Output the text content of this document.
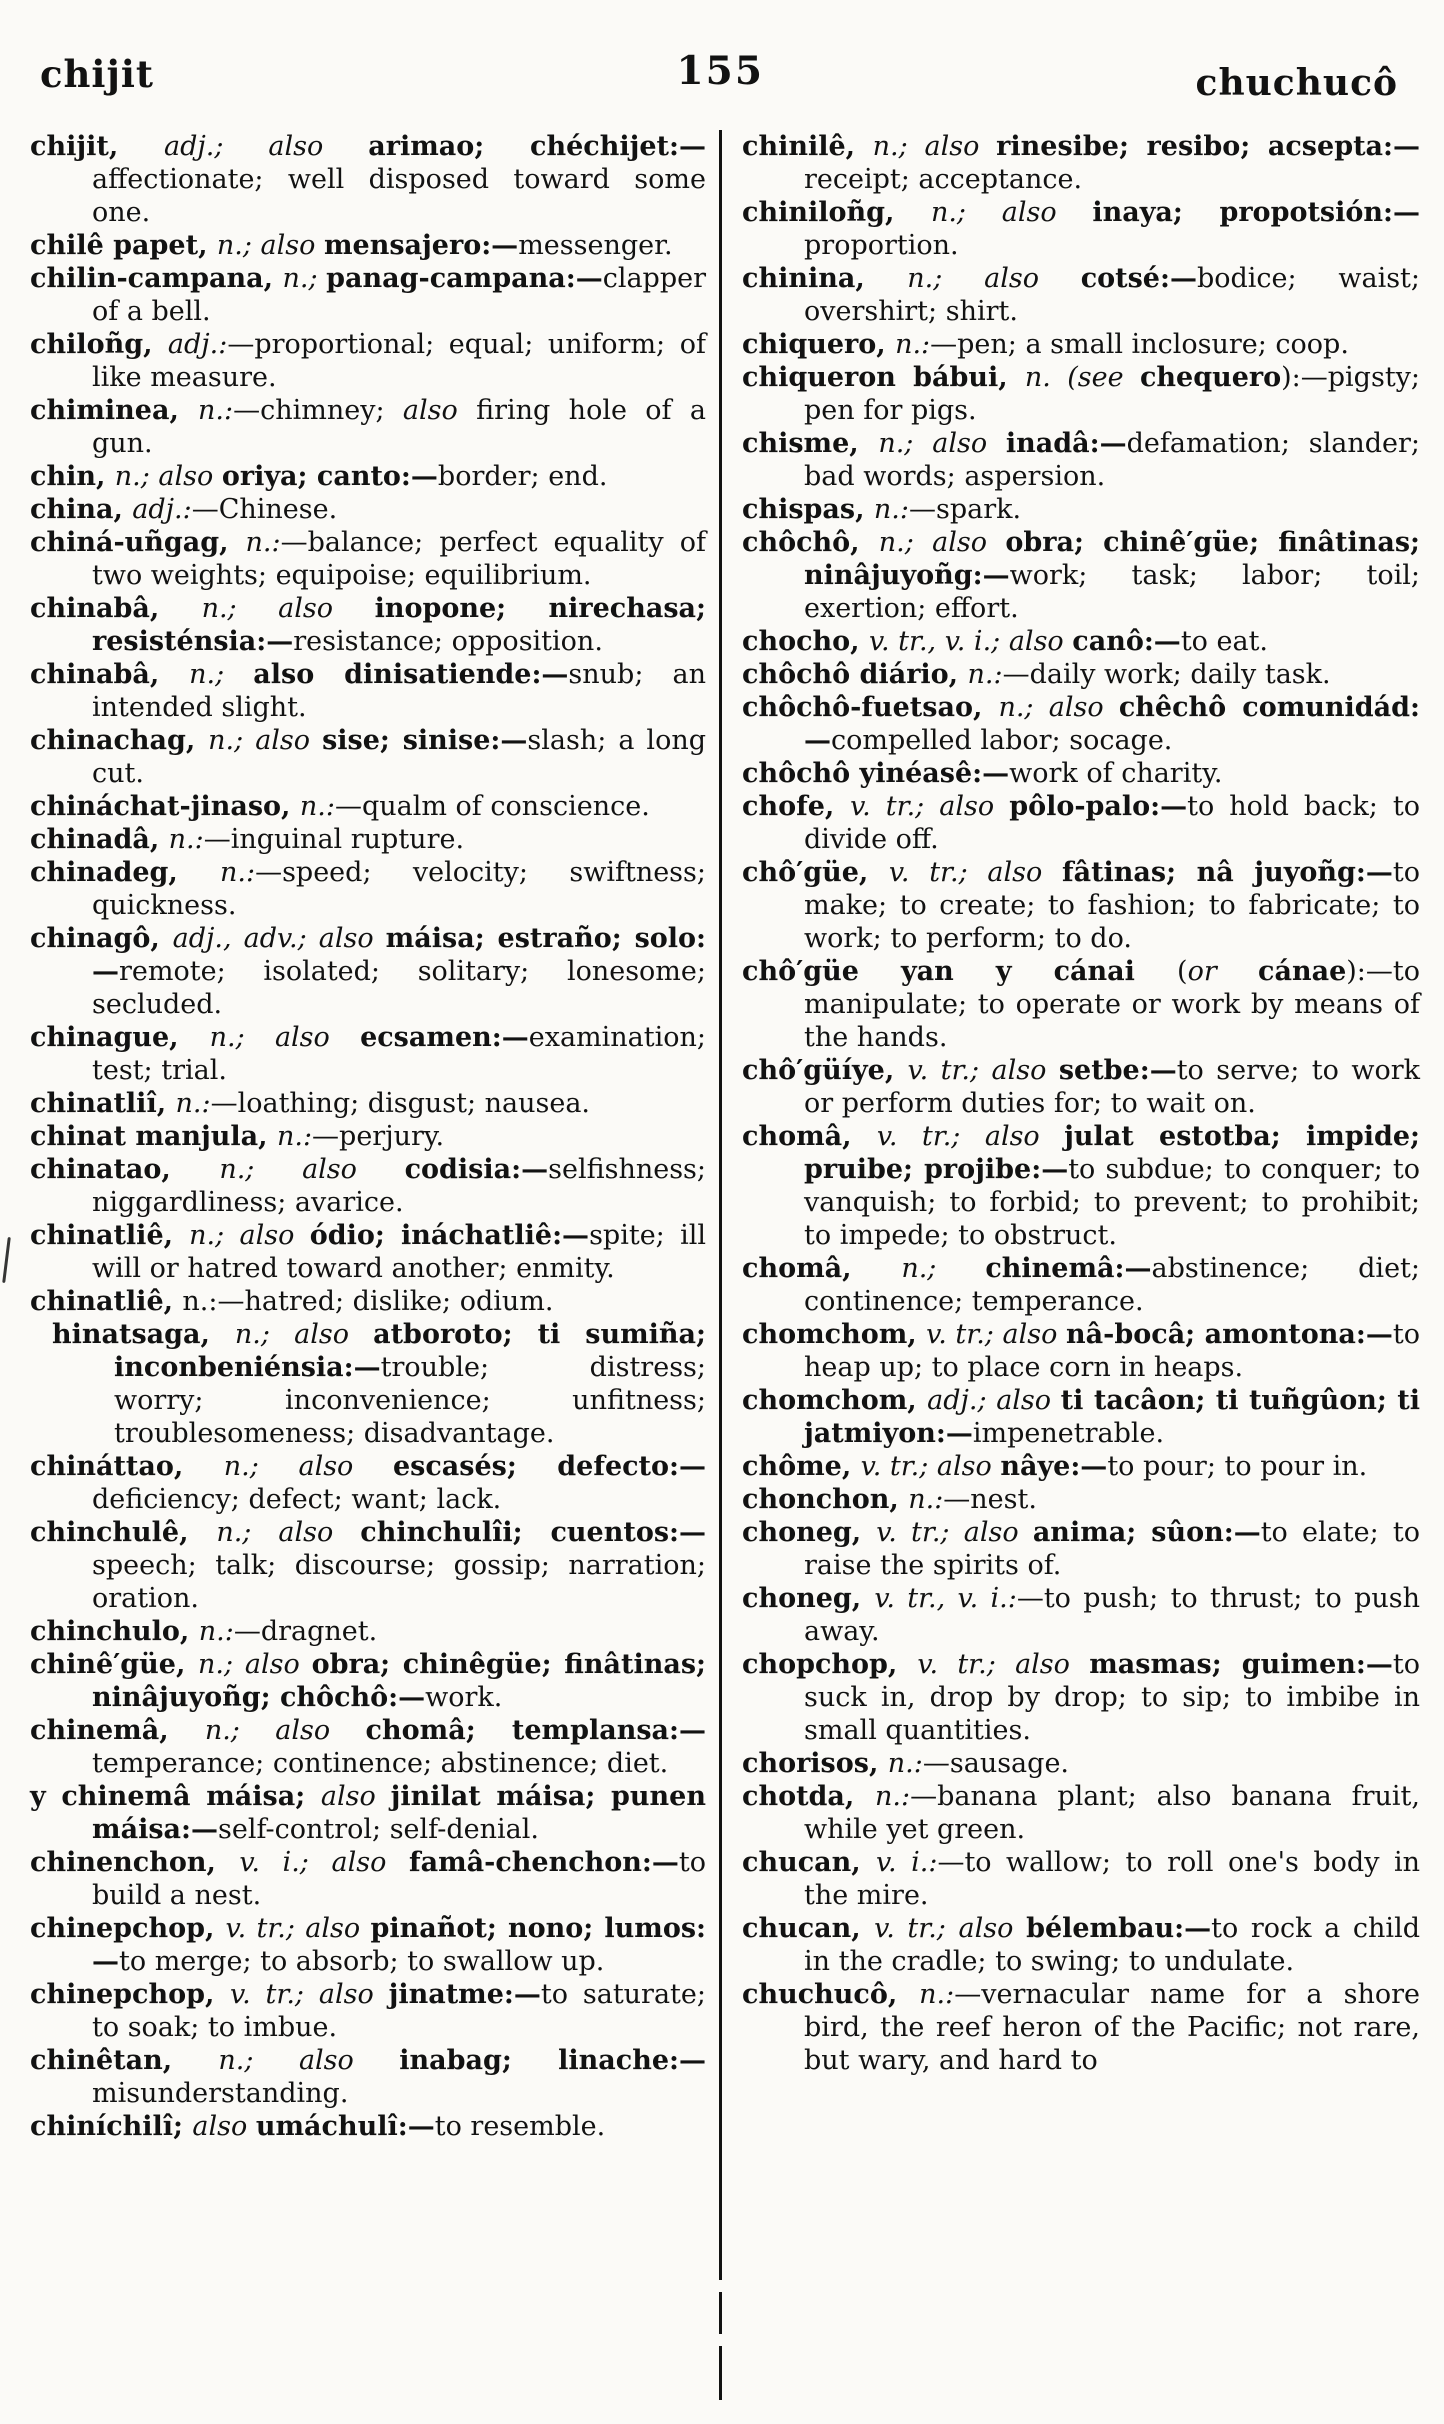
chijit	155	chuchucô

chijit, adj.; also arimao; chéchijet:—affectionate; well disposed toward some one.

chilê papet, n.; also mensajero:—messenger.

chilin-campana, n.; panag-campana:—clapper of a bell.

chiloñg, adj.:—proportional; equal; uniform; of like measure.

chiminea, n.:—chimney; also firing hole of a gun.

chin, n.; also oriya; canto:—border; end.

china, adj.:—Chinese.

chiná-uñgag, n.:—balance; perfect equality of two weights; equipoise; equilibrium.

chinabâ, n.; also inopone; nirechasa; resisténsia:—resistance; opposition.

chinabâ, n.; also dinisatiende:—snub; an intended slight.

chinachag, n.; also sise; sinise:—slash; a long cut.

chináchat-jinaso, n.:—qualm of conscience.

chinadâ, n.:—inguinal rupture.

chinadeg, n.:—speed; velocity; swiftness; quickness.

chinagô, adj., adv.; also máisa; estraño; solo:—remote; isolated; solitary; lonesome; secluded.

chinague, n.; also ecsamen:—examination; test; trial.

chinatliî, n.:—loathing; disgust; nausea.

chinat manjula, n.:—perjury.

chinatao, n.; also codisia:—selfishness; niggardliness; avarice.

chinatliê, n.; also ódio; ináchatliê:—spite; ill will or hatred toward another; enmity.

chinatliê, n.:—hatred; dislike; odium.

hinatsaga, n.; also atboroto; ti sumiña; inconbeniénsia:—trouble; distress; worry; inconvenience; unfitness; troublesomeness; disadvantage.

chináttao, n.; also escasés; defecto:—deficiency; defect; want; lack.

chinchulê, n.; also chinchulîi; cuentos:—speech; talk; discourse; gossip; narration; oration.

chinchulo, n.:—dragnet.

chinê′güe, n.; also obra; chinêgüe; finâtinas; ninâjuyoñg; chôchô:—work.

chinemâ, n.; also chomâ; templansa:—temperance; continence; abstinence; diet.

y chinemâ máisa; also jinilat máisa; punen máisa:—self-control; self-denial.

chinenchon, v. i.; also famâ-chenchon:—to build a nest.

chinepchop, v. tr.; also pinañot; nono; lumos:—to merge; to absorb; to swallow up.

chinepchop, v. tr.; also jinatme:—to saturate; to soak; to imbue.

chinêtan, n.; also inabag; linache:—misunderstanding.

chiníchilî; also umáchulî:—to resemble.

chinilê, n.; also rinesibe; resibo; acsepta:—receipt; acceptance.

chiniloñg, n.; also inaya; propotsión:—proportion.

chinina, n.; also cotsé:—bodice; waist; overshirt; shirt.

chiquero, n.:—pen; a small inclosure; coop.

chiqueron bábui, n. (see chequero):—pigsty; pen for pigs.

chisme, n.; also inadâ:—defamation; slander; bad words; aspersion.

chispas, n.:—spark.

chôchô, n.; also obra; chinê′güe; finâtinas; ninâjuyoñg:—work; task; labor; toil; exertion; effort.

chocho, v. tr., v. i.; also canô:—to eat.

chôchô diário, n.:—daily work; daily task.

chôchô-fuetsao, n.; also chêchô comunidád:—compelled labor; socage.

chôchô yinéasê:—work of charity.

chofe, v. tr.; also pôlo-palo:—to hold back; to divide off.

chô′güe, v. tr.; also fâtinas; nâ juyoñg:—to make; to create; to fashion; to fabricate; to work; to perform; to do.

chô′güe yan y cánai (or cánae):—to manipulate; to operate or work by means of the hands.

chô′güíye, v. tr.; also setbe:—to serve; to work or perform duties for; to wait on.

chomâ, v. tr.; also julat estotba; impide; pruibe; projibe:—to subdue; to conquer; to vanquish; to forbid; to prevent; to prohibit; to impede; to obstruct.

chomâ, n.; chinemâ:—abstinence; diet; continence; temperance.

chomchom, v. tr.; also nâ-bocâ; amontona:—to heap up; to place corn in heaps.

chomchom, adj.; also ti tacâon; ti tuñgûon; ti jatmiyon:—impenetrable.

chôme, v. tr.; also nâye:—to pour; to pour in.

chonchon, n.:—nest.

choneg, v. tr.; also anima; sûon:—to elate; to raise the spirits of.

choneg, v. tr., v. i.:—to push; to thrust; to push away.

chopchop, v. tr.; also masmas; guimen:—to suck in, drop by drop; to sip; to imbibe in small quantities.

chorisos, n.:—sausage.

chotda, n.:—banana plant; also banana fruit, while yet green.

chucan, v. i.:—to wallow; to roll one's body in the mire.

chucan, v. tr.; also bélembau:—to rock a child in the cradle; to swing; to undulate.

chuchucô, n.:—vernacular name for a shore bird, the reef heron of the Pacific; not rare, but wary, and hard to
